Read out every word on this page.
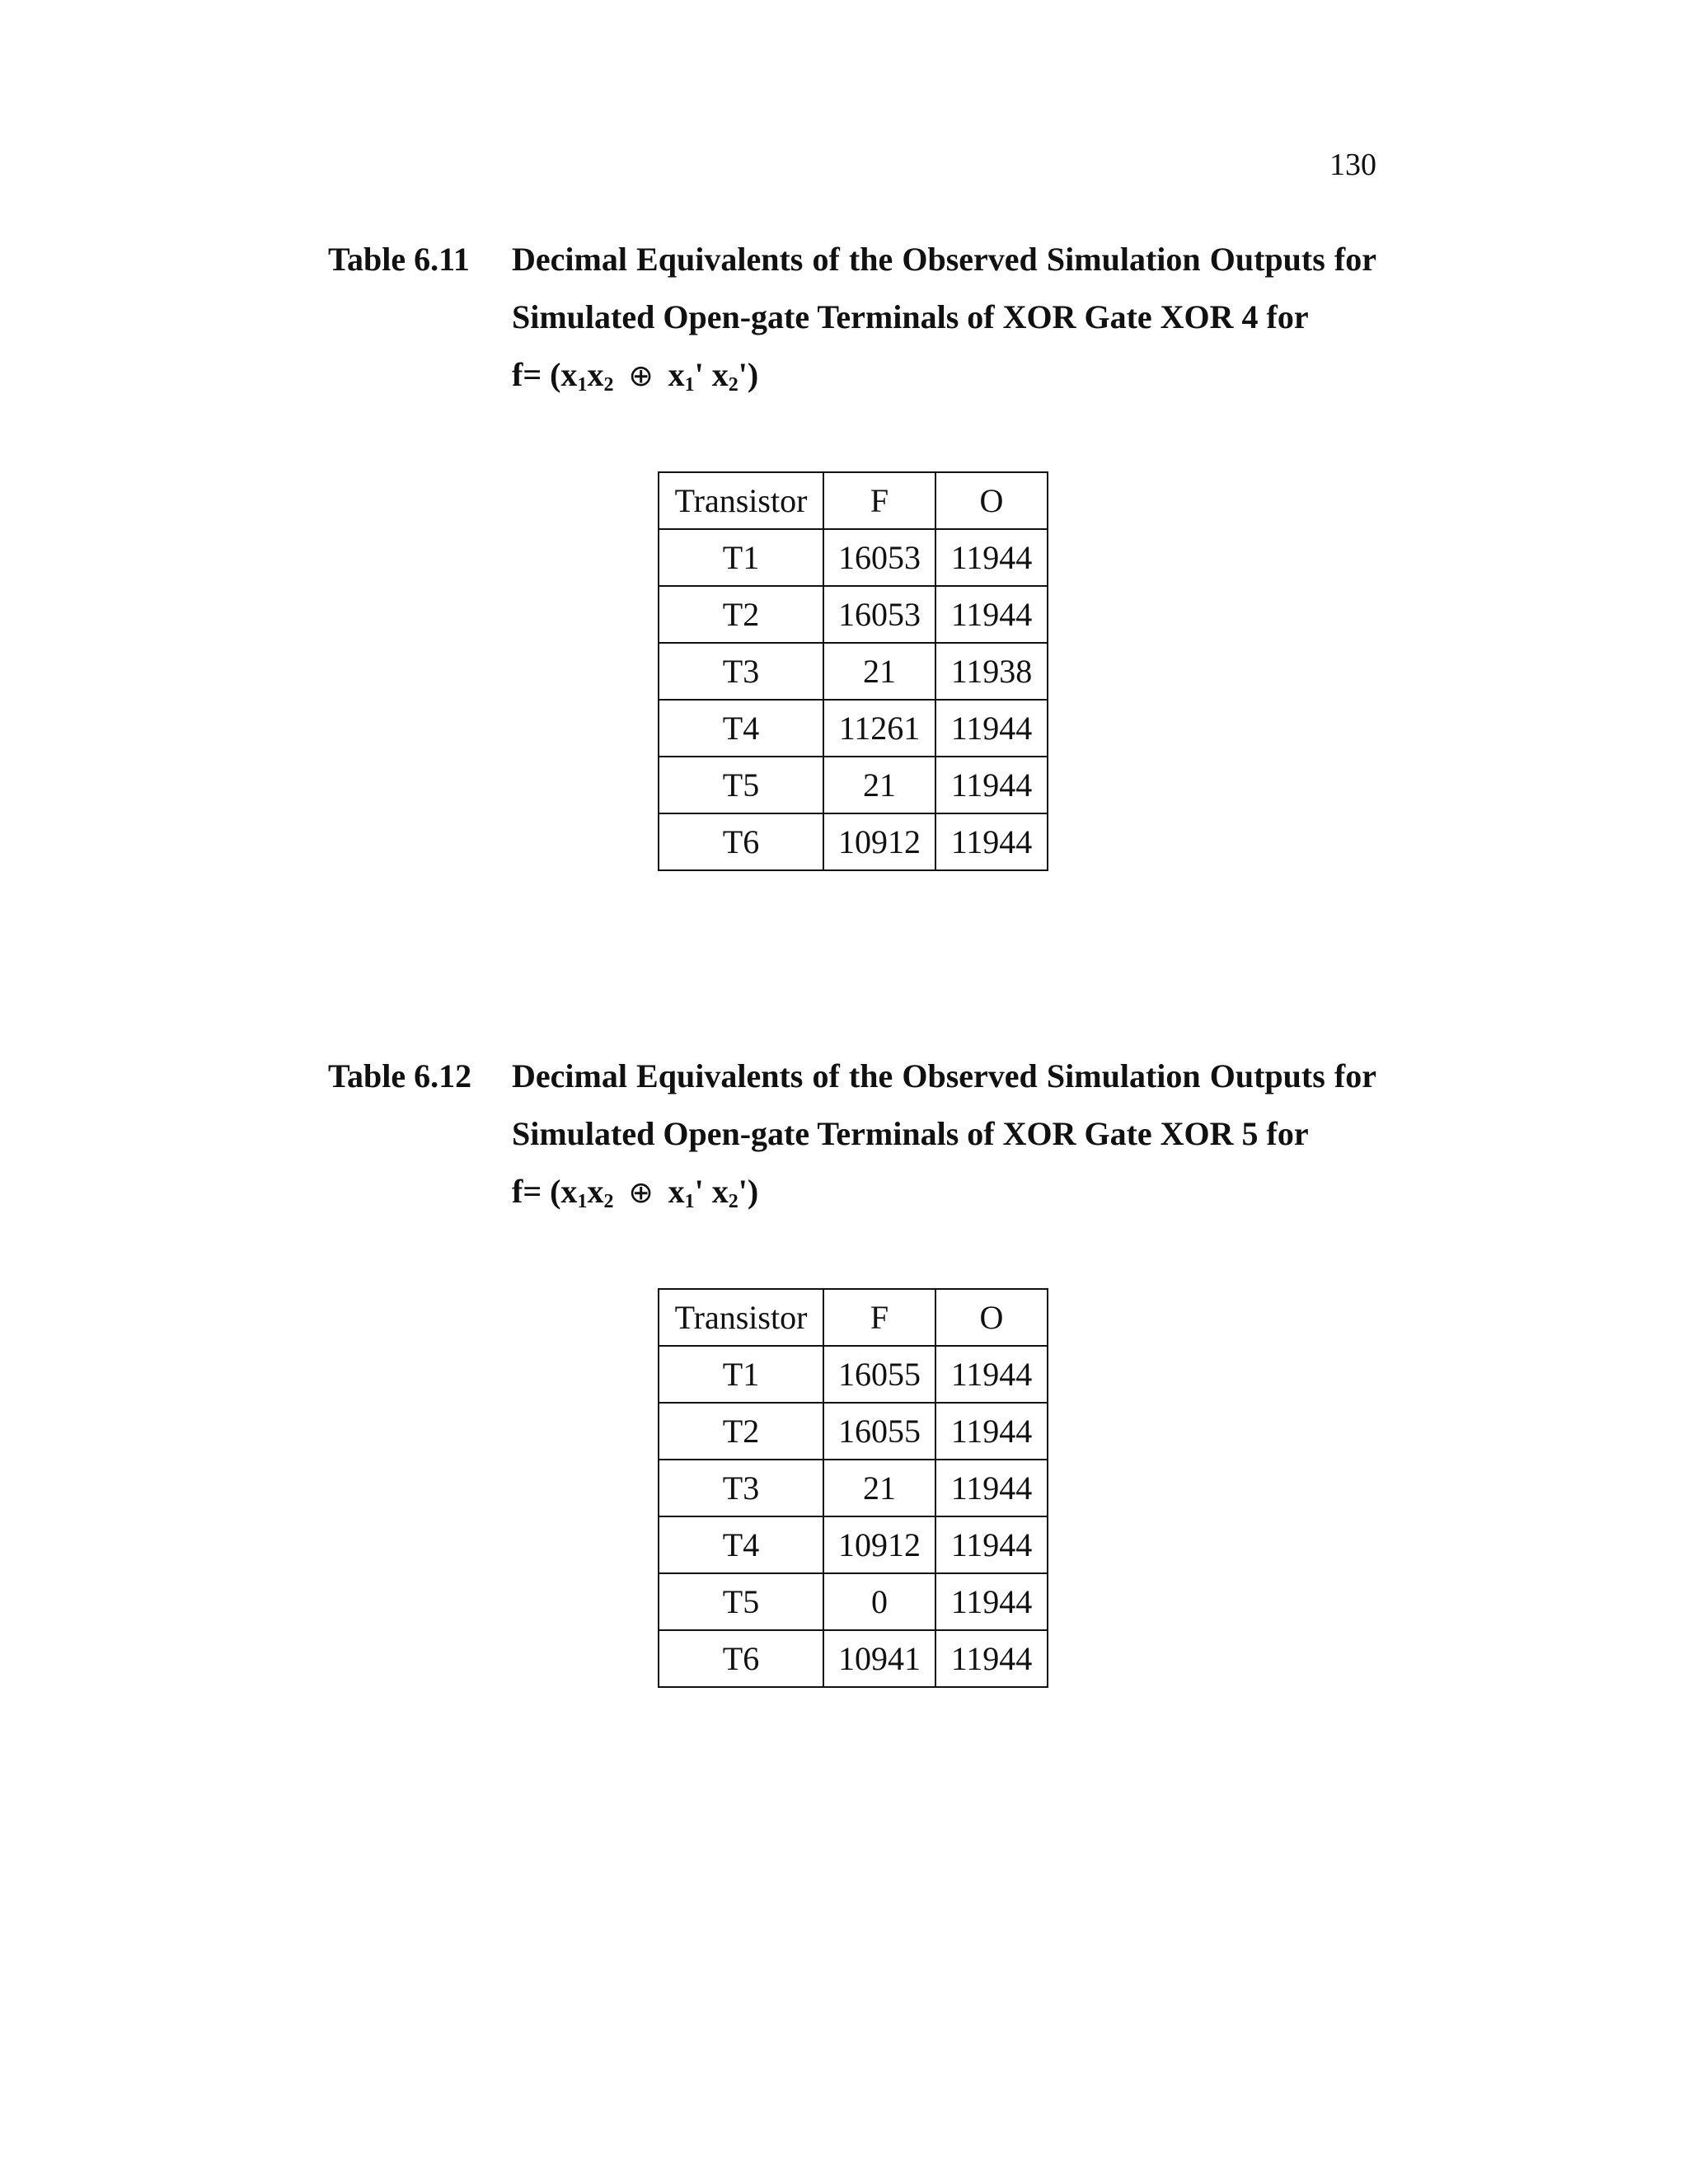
130
Table 6.11 Decimal Equivalents of the Observed Simulation Outputs for Simulated Open-gate Terminals of XOR Gate XOR 4 for
$f= (x_1x_2$ ⊕ $x_1'$ $x_2'$)
Transistor	F	O
T1	16053	11944
T2	16053	11944
T3	21	11938
T4	11261	11944
T5	21	11944
T6	10912	11944
Table 6.12 Decimal Equivalents of the Observed Simulation Outputs for Simulated Open-gate Terminals of XOR Gate XOR 5 for
$f= (x_1x_2$ ⊕ $x_1'$ $x_2'$)
Transistor	F	O
T1	16055	11944
T2	16055	11944
T3	21	11944
T4	10912	11944
T5	0	11944
T6	10941	11944
